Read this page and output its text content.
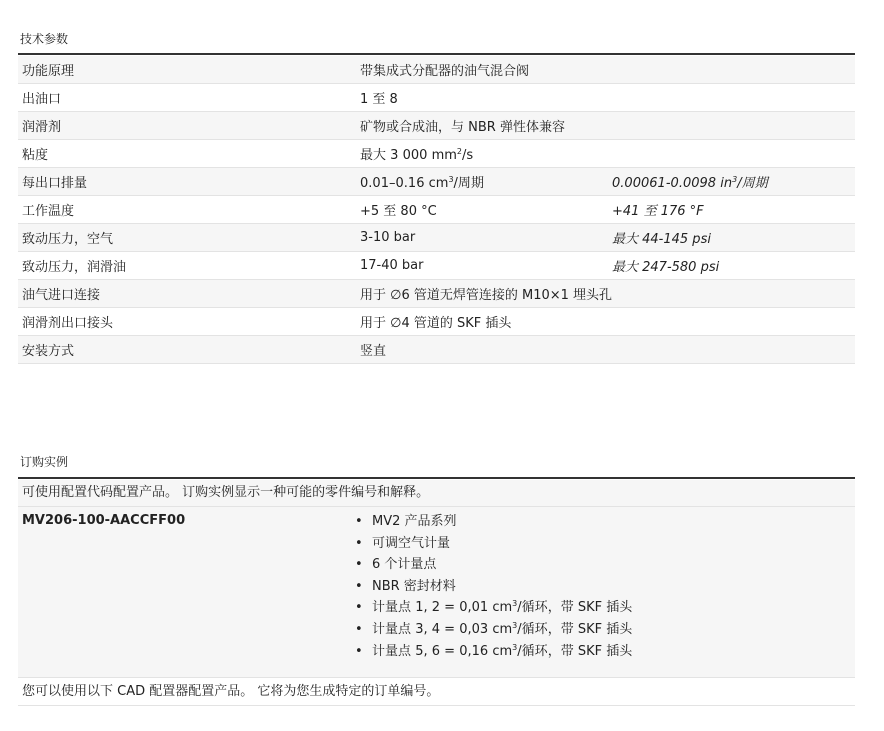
技术参数
功能原理	带集成式分配器的油气混合阀	
出油口	1 至 8	
润滑剂	矿物或合成油，与 NBR 弹性体兼容	
粘度	最大 3 000 $mm^2/s$	
每出口排量	0.01–0.16 $cm^3/$周期	0.00061-0.0098 $in^3/$周期
工作温度	+5 至 80 °C	+41 至 176 °F
致动压力，空气	3-10 bar	最大 44-145 psi
致动压力，润滑油	17-40 bar	最大 247-580 psi
油气进口连接	用于 ∅6 管道无焊管连接的 M10×1 埋头孔	
润滑剂出口接头	用于 ∅4 管道的 SKF 插头	
安装方式	竖直	
订购实例
可使用配置代码配置产品。 订购实例显示一种可能的零件编号和解释。
MV206-100-AACCFF00	• MV2 产品系列
• 可调空气计量
• 6 个计量点
• NBR 密封材料
• 计量点 1, 2 = 0,01 $cm^3/$循环，带 SKF 插头
• 计量点 3, 4 = 0,03 $cm^3/$循环，带 SKF 插头
• 计量点 5, 6 = 0,16 $cm^3/$循环，带 SKF 插头
您可以使用以下 CAD 配置器配置产品。 它将为您生成特定的订单编号。
